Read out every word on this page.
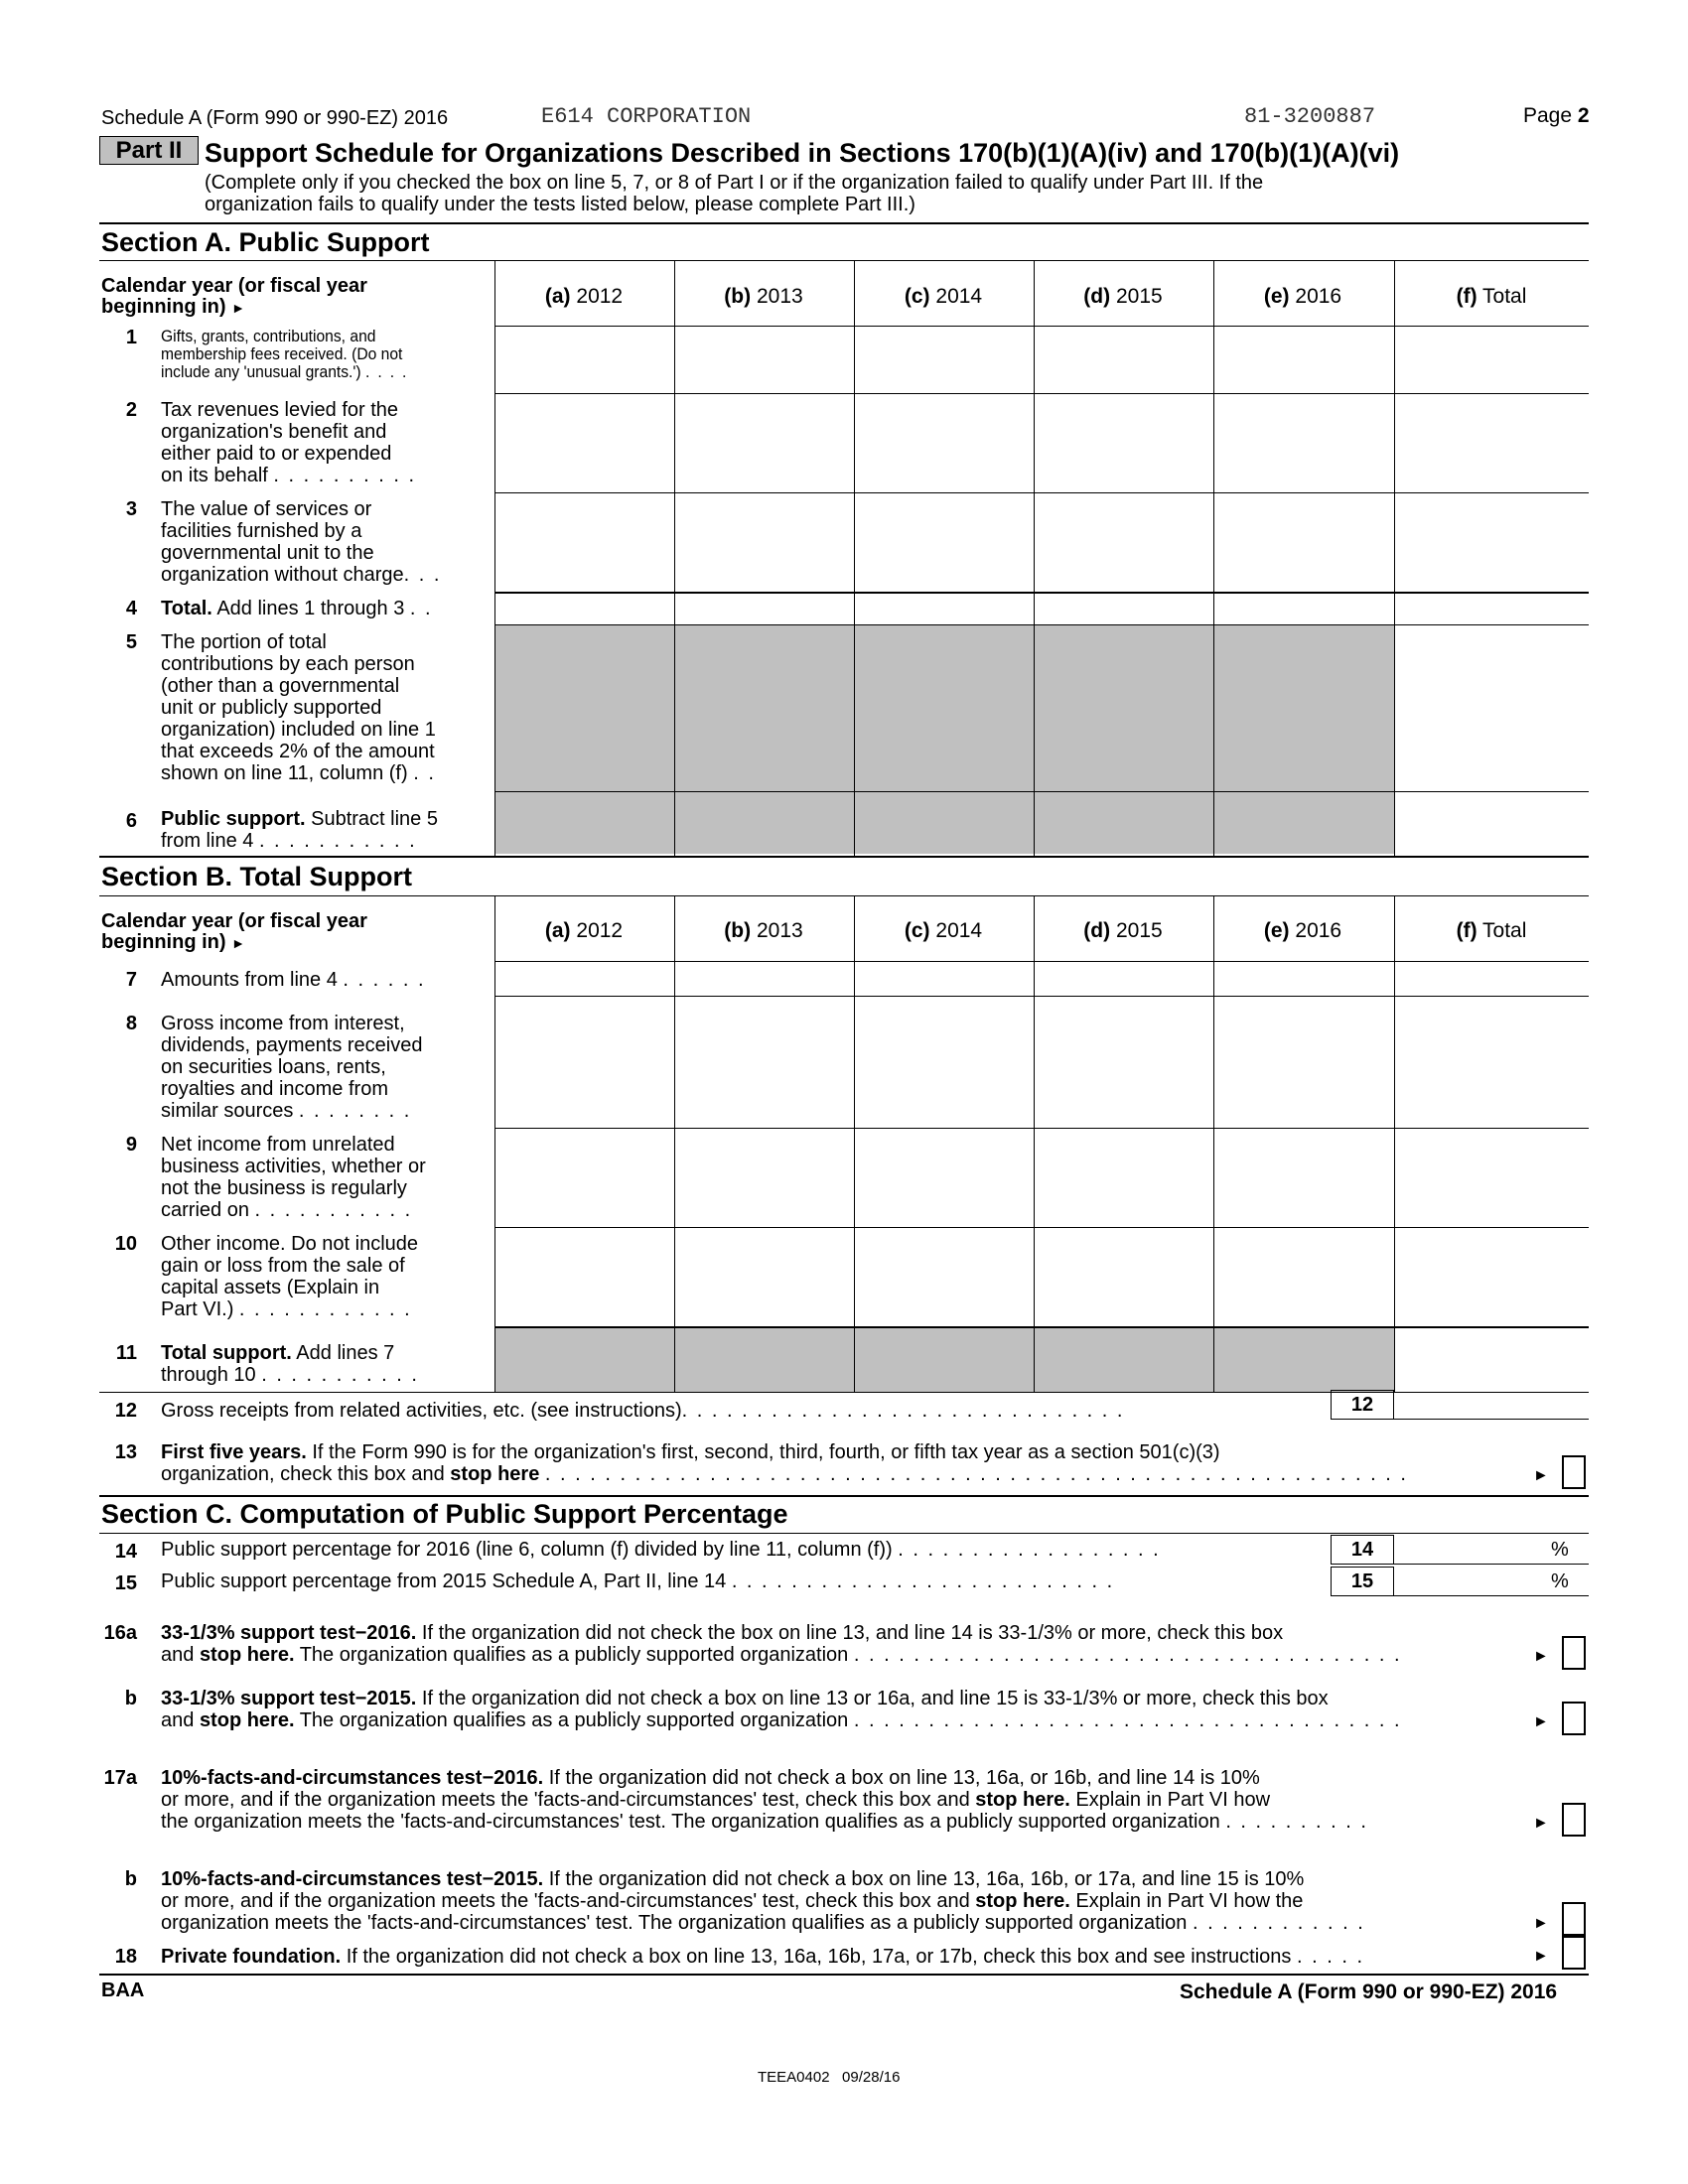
Schedule A (Form 990 or 990-EZ) 2016	E614 CORPORATION	81-3200887	Page 2
Part II Support Schedule for Organizations Described in Sections 170(b)(1)(A)(iv) and 170(b)(1)(A)(vi)
(Complete only if you checked the box on line 5, 7, or 8 of Part I or if the organization failed to qualify under Part III. If the
organization fails to qualify under the tests listed below, please complete Part III.)
Section A. Public Support
Calendar year (or fiscal year
beginning in) ►	(a) 2012	(b) 2013	(c) 2014	(d) 2015	(e) 2016	(f) Total
1 Gifts, grants, contributions, and
membership fees received. (Do not
include any 'unusual grants.') . . . .
2 Tax revenues levied for the
organization's benefit and
either paid to or expended
on its behalf . . . . . . . . . .
3 The value of services or
facilities furnished by a
governmental unit to the
organization without charge. . .
4 Total. Add lines 1 through 3 . .
5 The portion of total
contributions by each person
(other than a governmental
unit or publicly supported
organization) included on line 1
that exceeds 2% of the amount
shown on line 11, column (f) . .
6 Public support. Subtract line 5
from line 4 . . . . . . . . . . .
Section B. Total Support
Calendar year (or fiscal year
beginning in) ►
(a) 2012	(b) 2013	(c) 2014	(d) 2015	(e) 2016	(f) Total
7 Amounts from line 4 . . . . . .
8 Gross income from interest,
dividends, payments received
on securities loans, rents,
royalties and income from
similar sources . . . . . . . .
9 Net income from unrelated
business activities, whether or
not the business is regularly
carried on . . . . . . . . . . .
10 Other income. Do not include
gain or loss from the sale of
capital assets (Explain in
Part VI.) . . . . . . . . . . . .
11 Total support. Add lines 7
through 10 . . . . . . . . . . .
12 Gross receipts from related activities, etc. (see instructions). . . . . . . . . . . . . . . . . . . . . . . . . . . . . .	12
13 First five years. If the Form 990 is for the organization's first, second, third, fourth, or fifth tax year as a section 501(c)(3)
organization, check this box and stop here . . . . . . . . . . . . . . . . . . . . . . . . . . . . . . . . . . . . . . . . . . . . . . . . . . . . . . . . . .	►
Section C. Computation of Public Support Percentage
14 Public support percentage for 2016 (line 6, column (f) divided by line 11, column (f)) . . . . . . . . . . . . . . . . . .	14	%
15 Public support percentage from 2015 Schedule A, Part II, line 14 . . . . . . . . . . . . . . . . . . . . . . . . . .	15	%
16a 33-1/3% support test−2016. If the organization did not check the box on line 13, and line 14 is 33-1/3% or more, check this box
and stop here. The organization qualifies as a publicly supported organization . . . . . . . . . . . . . . . . . . . . . . . . . . . . . . . . . . . . .	►
b 33-1/3% support test−2015. If the organization did not check a box on line 13 or 16a, and line 15 is 33-1/3% or more, check this box
and stop here. The organization qualifies as a publicly supported organization . . . . . . . . . . . . . . . . . . . . . . . . . . . . . . . . . . . . .	►
17a 10%-facts-and-circumstances test−2016. If the organization did not check a box on line 13, 16a, or 16b, and line 14 is 10%
or more, and if the organization meets the 'facts-and-circumstances' test, check this box and stop here. Explain in Part VI how
the organization meets the 'facts-and-circumstances' test. The organization qualifies as a publicly supported organization . . . . . . . . . .	►
b 10%-facts-and-circumstances test−2015. If the organization did not check a box on line 13, 16a, 16b, or 17a, and line 15 is 10%
or more, and if the organization meets the 'facts-and-circumstances' test, check this box and stop here. Explain in Part VI how the
organization meets the 'facts-and-circumstances' test. The organization qualifies as a publicly supported organization . . . . . . . . . . . .	►
18 Private foundation. If the organization did not check a box on line 13, 16a, 16b, 17a, or 17b, check this box and see instructions . . . . .	►
BAA	Schedule A (Form 990 or 990-EZ) 2016
TEEA0402   09/28/16
